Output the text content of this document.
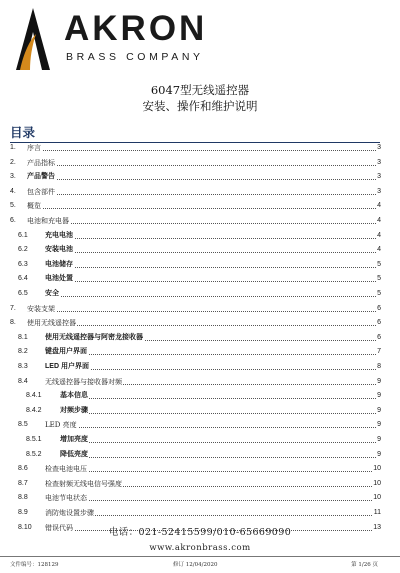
AKRON
BRASS COMPANY
6047型无线遥控器
安装、操作和维护说明
目录
1. 序言	3
2. 产品指标	3
3. 产品警告	3
4. 包含部件	3
5. 概览	4
6. 电池和充电器	4
6.1 充电电池	4
6.2 安装电池	4
6.3 电池储存	5
6.4 电池处置	5
6.5 安全	5
7. 安装支架	6
8. 使用无线遥控器	6
8.1 使用无线遥控器与阿密龙接收器	6
8.2 键盘用户界面	7
8.3 LED 用户界面	8
8.4 无线遥控器与接收器对频	9
8.4.1	基本信息	9
8.4.2	对频步骤	9
8.5 LED 亮度	9
8.5.1	增加亮度	9
8.5.2	降低亮度	9
8.6 检查电池电压	10
8.7 检查射频无线电信号强度	10
8.8 电池节电状态	10
8.9 消防炮设置步骤	11
8.10 错误代码	13
电话：021-52415599/010-65669090
www.akronbrass.com
文件编号：128129	修订 12/04/2020	第 1/26 页
